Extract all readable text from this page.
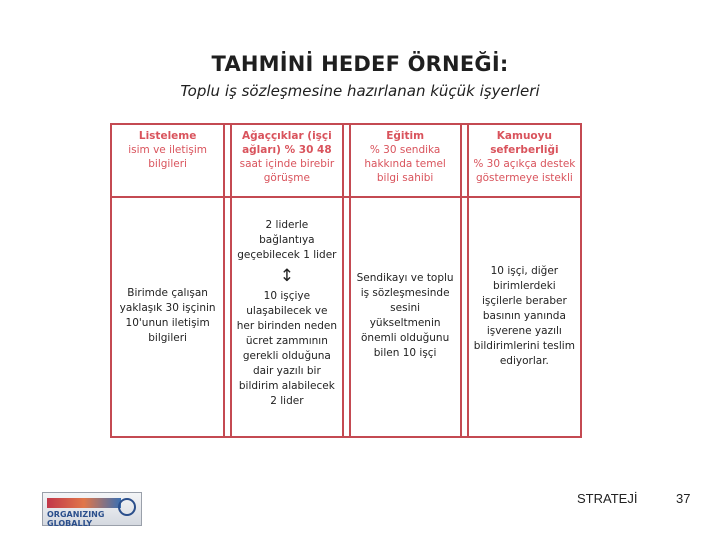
TAHMİNİ HEDEF ÖRNEĞİ:
Toplu iş sözleşmesine hazırlanan küçük işyerleri
Listeleme
isim ve iletişim bilgileri
Ağaççıklar (işçi ağları) % 30 48
saat içinde birebir görüşme
Eğitim
% 30 sendika hakkında temel bilgi sahibi
Kamuoyu seferberliği
% 30 açıkça destek göstermeye istekli
Birimde çalışan yaklaşık 30 işçinin 10'unun iletişim bilgileri
2 liderle bağlantıya geçebilecek 1 lider
↕
10 işçiye ulaşabilecek ve her birinden neden ücret zammının gerekli olduğuna dair yazılı bir bildirim alabilecek 2 lider
Sendikayı ve toplu iş sözleşmesinde sesini yükseltmenin önemli olduğunu bilen 10 işçi
10 işçi, diğer birimlerdeki işçilerle beraber basının yanında işverene yazılı bildirimlerini teslim ediyorlar.
ORGANIZING GLOBALLY
STRATEJİ	37
